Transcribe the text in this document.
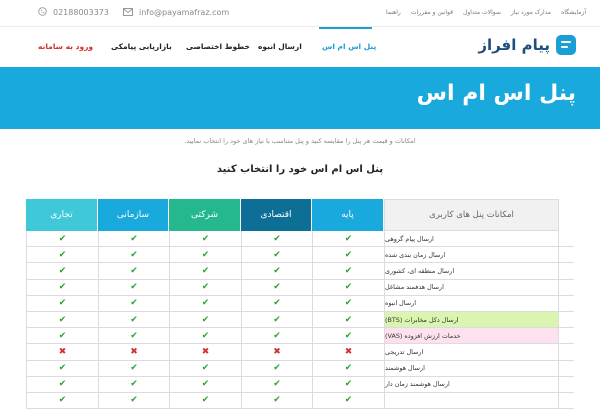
02188003373	info@payamafraz.com	آزمایشگاه
مدارک مورد نیاز
سوالات متداول
قوانین و مقررات
راهنما
پیام افراز
پنل اس ام اس
ارسال انبوه
خطوط اختصاصی
بازاریابی پیامکی
ورود به سامانه
پنل اس ام اس
امکانات و قیمت هر پنل را مقایسه کنید و پنل متناسب با نیاز های خود را انتخاب نمایید.
پنل اس ام اس خود را انتخاب کنید
تجاری	سازمانی	شرکتی	اقتصادی	پایه	امکانات پنل های کاربری
✔	✔	✔	✔	✔	ارسال پیام گروهی
✔	✔	✔	✔	✔	ارسال زمان بندی شده
✔	✔	✔	✔	✔	ارسال منطقه ای، کشوری
✔	✔	✔	✔	✔	ارسال هدفمند مشاغل
✔	✔	✔	✔	✔	ارسال انبوه
✔	✔	✔	✔	✔	ارسال دکل مخابرات (BTS)
✔	✔	✔	✔	✔	خدمات ارزش افزوده (VAS)
✖	✖	✖	✖	✖	ارسال تدریجی
✔	✔	✔	✔	✔	ارسال هوشمند
✔	✔	✔	✔	✔	ارسال هوشمند زمان دار
✔	✔	✔	✔	✔
